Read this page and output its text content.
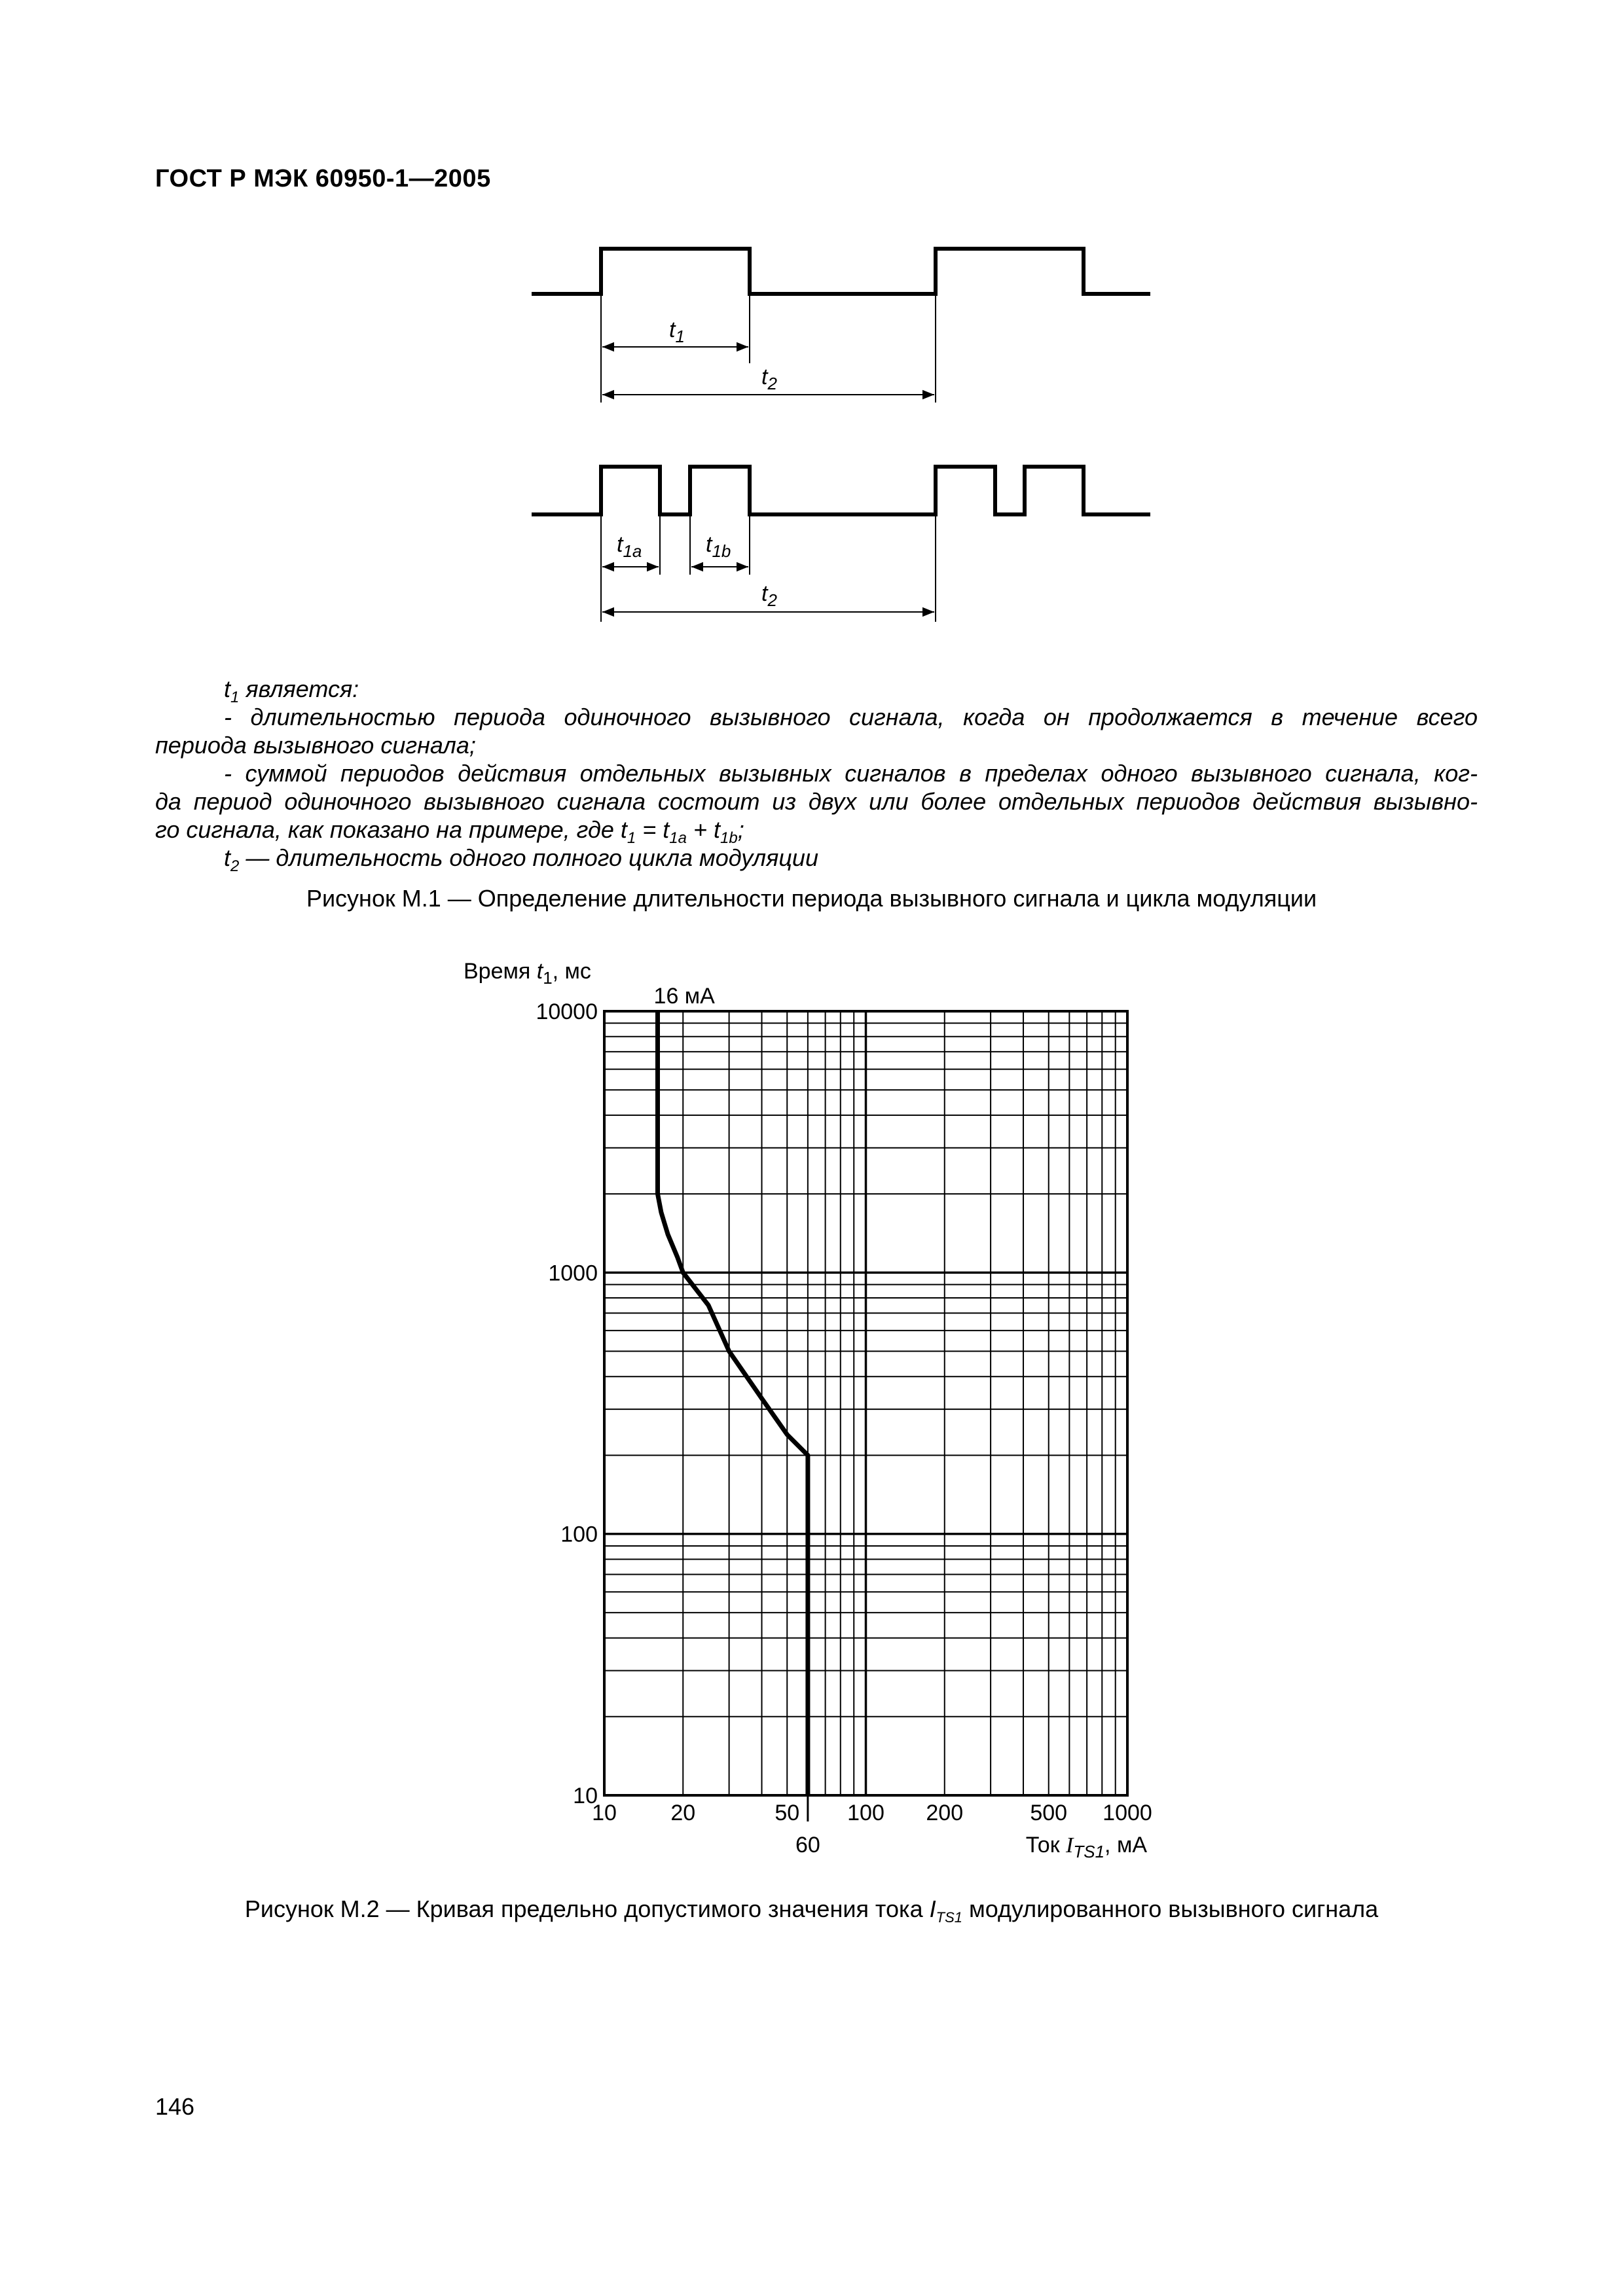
ГОСТ Р МЭК 60950-1—2005
$t_1$
$t_2$
$t_{1a}$	$t_{1b}$
$t_2$
$t_1$ является:
- длительностью периода одиночного вызывного сигнала, когда он продолжается в течение всего
периода вызывного сигнала;
- суммой периодов действия отдельных вызывных сигналов в пределах одного вызывного сигнала, ког-
да период одиночного вызывного сигнала состоит из двух или более отдельных периодов действия вызывно-
го сигнала, как показано на примере, где $t_1 = t_{1a} + t_{1b}$;
$t_2$ — длительность одного полного цикла модуляции
Рисунок М.1 — Определение длительности периода вызывного сигнала и цикла модуляции
10
100
1000
10000
10 20	50 100 200	500 1000
60
16 мА
Время $t_1$, мс
Ток $I_{TS1}$, мА
Рисунок М.2 — Кривая предельно допустимого значения тока $I_{TS1}$ модулированного вызывного сигнала
146
